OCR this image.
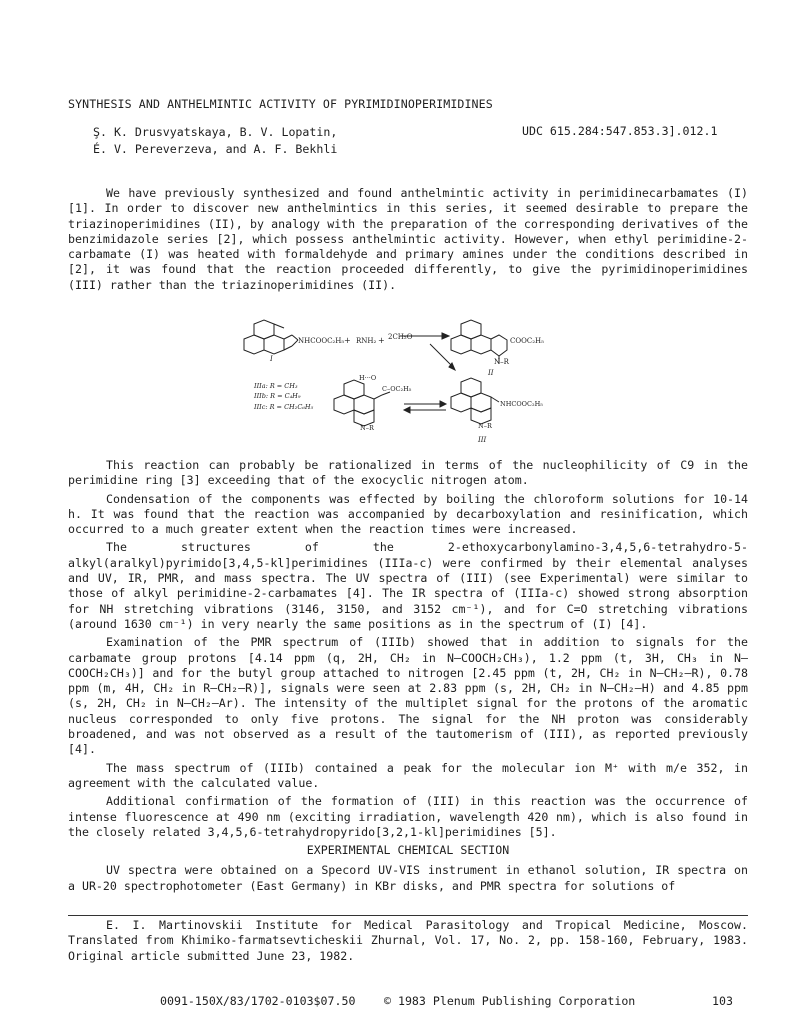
SYNTHESIS AND ANTHELMINTIC ACTIVITY OF PYRIMIDINOPERIMIDINES
Ş. K. Drusvyatskaya, B. V. Lopatin,
É. V. Pereverzeva, and A. F. Bekhli
UDC 615.284:547.853.3].012.1

We have previously synthesized and found anthelmintic activity in perimidinecarbamates (I) [1]. In order to discover new anthelmintics in this series, it seemed desirable to prepare the triazinoperimidines (II), by analogy with the preparation of the corresponding derivatives of the benzimidazole series [2], which possess anthelmintic activity. However, when ethyl perimidine-2-carbamate (I) was heated with formaldehyde and primary amines under the conditions described in [2], it was found that the reaction proceeded differently, to give the pyrimidinoperimidines (III) rather than the triazinoperimidines (II).

NHCOOC₂H₅ + RNH₂ + 2CH₂O
I
COOC₂H₅
N–R
II
IIIa: R = CH₃
IIIb: R = C₄H₉
IIIc: R = CH₂C₆H₅
H···O
C–OC₂H₅
N–R
NHCOOC₂H₅
N–R
III

This reaction can probably be rationalized in terms of the nucleophilicity of C9 in the perimidine ring [3] exceeding that of the exocyclic nitrogen atom.

Condensation of the components was effected by boiling the chloroform solutions for 10-14 h. It was found that the reaction was accompanied by decarboxylation and resinification, which occurred to a much greater extent when the reaction times were increased.

The structures of the 2-ethoxycarbonylamino-3,4,5,6-tetrahydro-5-alkyl(aralkyl)pyrimido[3,4,5-kl]perimidines (IIIa-c) were confirmed by their elemental analyses and UV, IR, PMR, and mass spectra. The UV spectra of (III) (see Experimental) were similar to those of alkyl perimidine-2-carbamates [4]. The IR spectra of (IIIa-c) showed strong absorption for NH stretching vibrations (3146, 3150, and 3152 cm⁻¹), and for C=O stretching vibrations (around 1630 cm⁻¹) in very nearly the same positions as in the spectrum of (I) [4].

Examination of the PMR spectrum of (IIIb) showed that in addition to signals for the carbamate group protons [4.14 ppm (q, 2H, CH₂ in N–COOCH₂CH₃), 1.2 ppm (t, 3H, CH₃ in N–COOCH₂CH₃)] and for the butyl group attached to nitrogen [2.45 ppm (t, 2H, CH₂ in N–CH₂–R), 0.78 ppm (m, 4H, CH₂ in R–CH₂–R)], signals were seen at 2.83 ppm (s, 2H, CH₂ in N–CH₂–H) and 4.85 ppm (s, 2H, CH₂ in N–CH₂–Ar). The intensity of the multiplet signal for the protons of the aromatic nucleus corresponded to only five protons. The signal for the NH proton was considerably broadened, and was not observed as a result of the tautomerism of (III), as reported previously [4].

The mass spectrum of (IIIb) contained a peak for the molecular ion M⁺ with m/e 352, in agreement with the calculated value.

Additional confirmation of the formation of (III) in this reaction was the occurrence of intense fluorescence at 490 nm (exciting irradiation, wavelength 420 nm), which is also found in the closely related 3,4,5,6-tetrahydropyrido[3,2,1-kl]perimidines [5].

EXPERIMENTAL CHEMICAL SECTION

UV spectra were obtained on a Specord UV-VIS instrument in ethanol solution, IR spectra on a UR-20 spectrophotometer (East Germany) in KBr disks, and PMR spectra for solutions of

E. I. Martinovskii Institute for Medical Parasitology and Tropical Medicine, Moscow. Translated from Khimiko-farmatsevticheskii Zhurnal, Vol. 17, No. 2, pp. 158-160, February, 1983. Original article submitted June 23, 1982.

0091-150X/83/1702-0103$07.50 © 1983 Plenum Publishing Corporation	103
